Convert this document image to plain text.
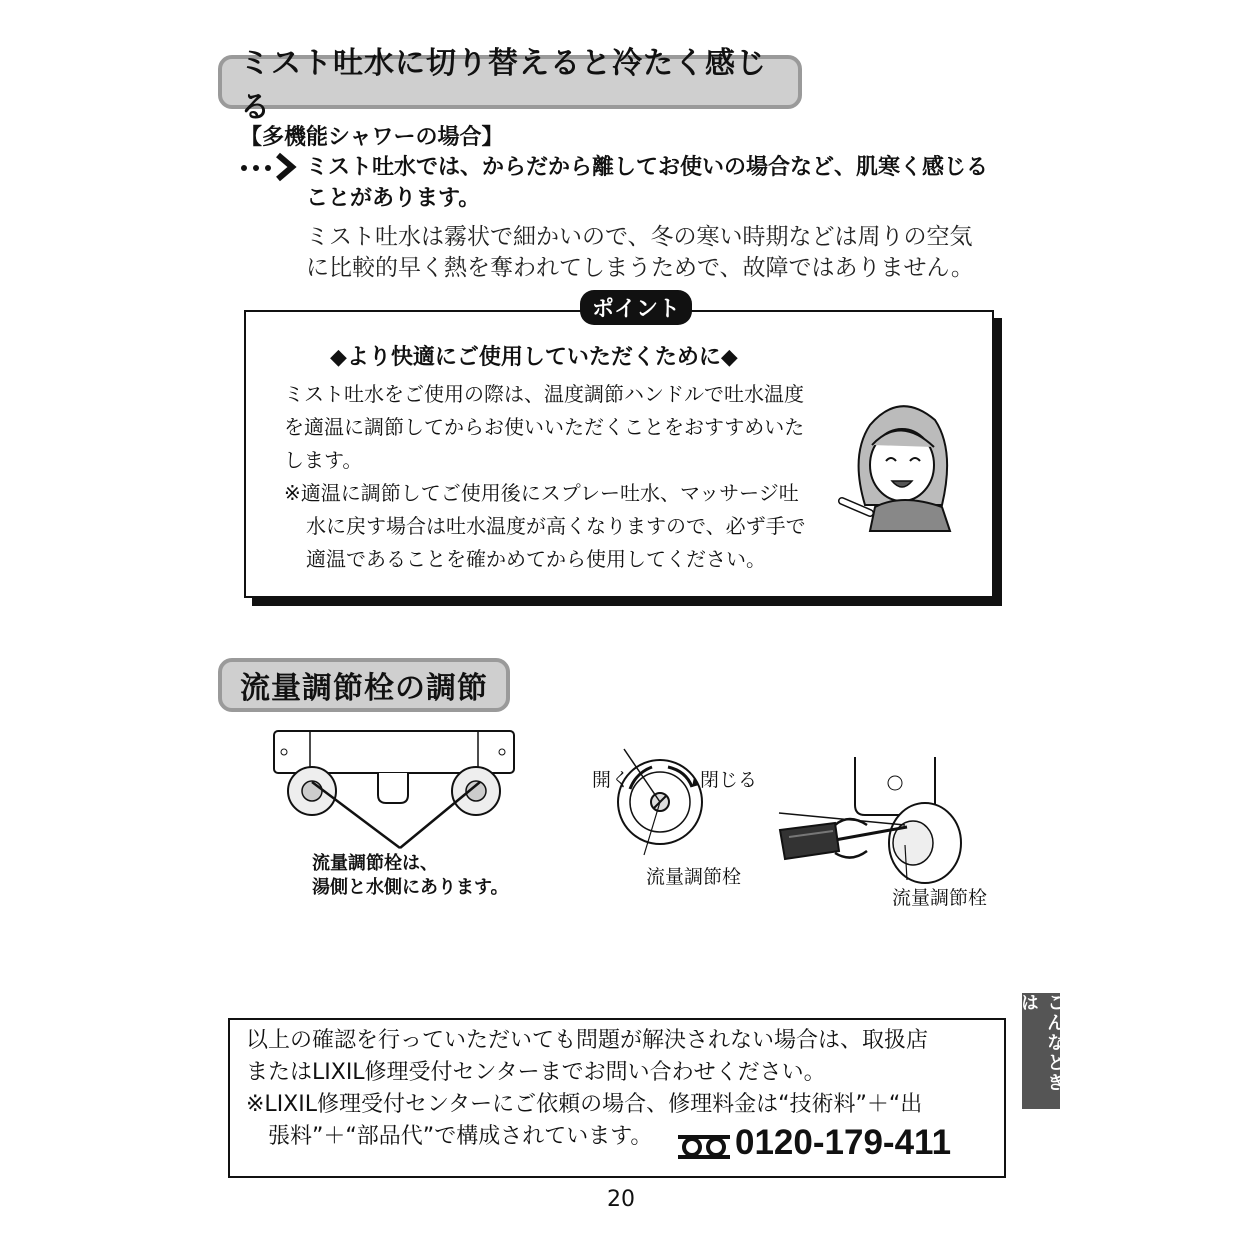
ミスト吐水に切り替えると冷たく感じる
【多機能シャワーの場合】
ミスト吐水では、からだから離してお使いの場合など、肌寒く感じる
ことがあります。
ミスト吐水は霧状で細かいので、冬の寒い時期などは周りの空気
に比較的早く熱を奪われてしまうためで、故障ではありません。
ポイント
◆より快適にご使用していただくために◆
ミスト吐水をご使用の際は、温度調節ハンドルで吐水温度
を適温に調節してからお使いいただくことをおすすめいた
します。
※適温に調節してご使用後にスプレー吐水、マッサージ吐
水に戻す場合は吐水温度が高くなりますので、必ず手で
適温であることを確かめてから使用してください。
流量調節栓の調節
流量調節栓は、
湯側と水側にあります。
開く	閉じる
流量調節栓
流量調節栓
こんなときは
以上の確認を行っていただいても問題が解決されない場合は、取扱店
またはLIXIL修理受付センターまでお問い合わせください。
※LIXIL修理受付センターにご依頼の場合、修理料金は“技術料”＋“出
張料”＋“部品代”で構成されています。	0120-179-411
20
